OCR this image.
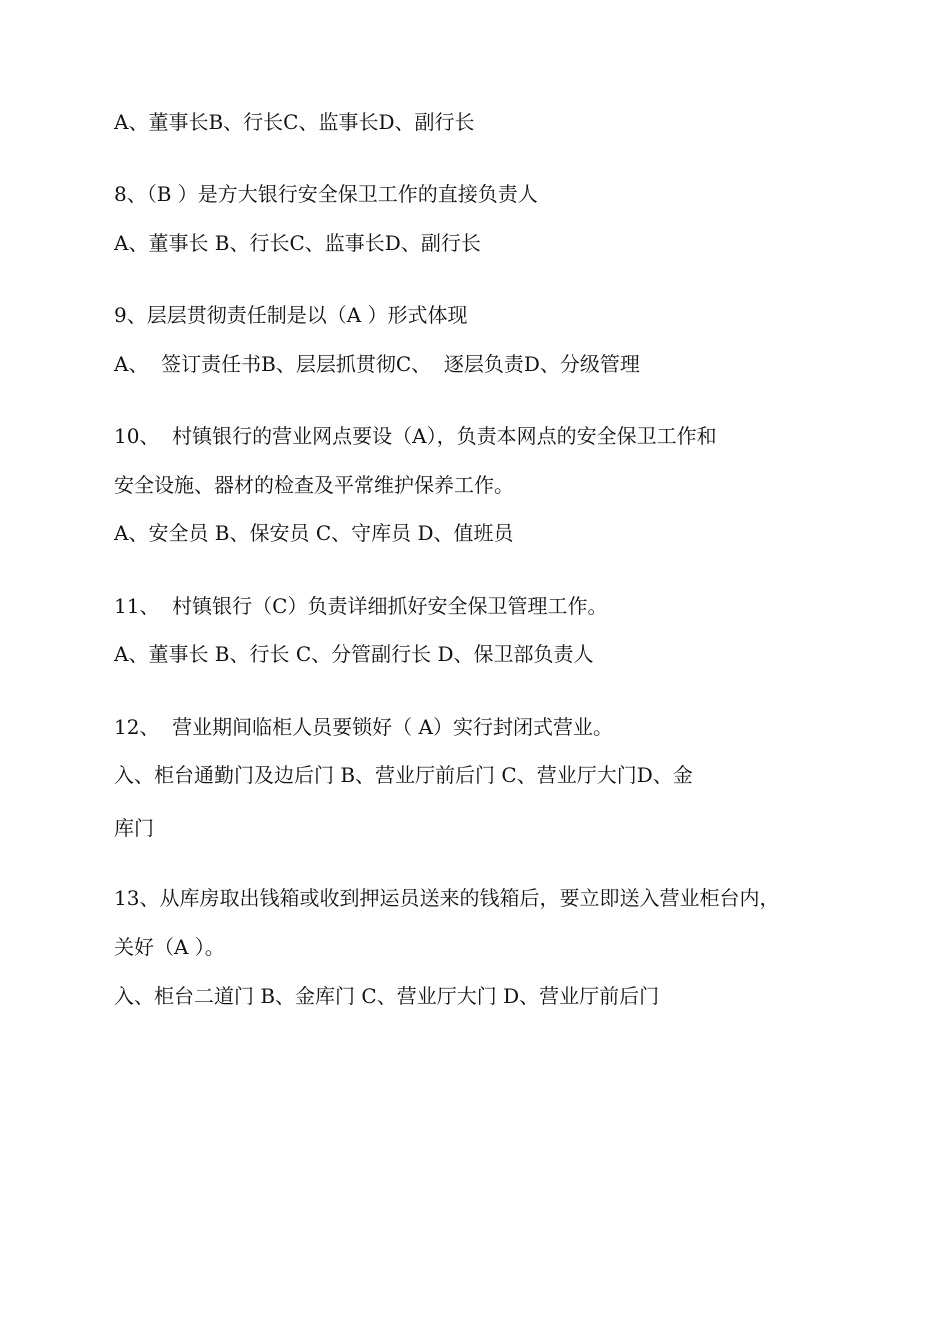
A、董事长B、行长C、监事长D、副行长
8、（B ）是方大银行安全保卫工作的直接负责人
A、董事长 B、行长C、监事长D、副行长
9、层层贯彻责任制是以（A ）形式体现
A、  签订责任书B、层层抓贯彻C、  逐层负责D、分级管理
10、  村镇银行的营业网点要设（A），负责本网点的安全保卫工作和
安全设施、器材的检查及平常维护保养工作。
A、安全员 B、保安员 C、守库员 D、值班员
11、  村镇银行（C）负责详细抓好安全保卫管理工作。
A、董事长 B、行长 C、分管副行长 D、保卫部负责人
12、  营业期间临柜人员要锁好（ A）实行封闭式营业。
入、柜台通勤门及边后门 B、营业厅前后门 C、营业厅大门D、金
库门
13、从库房取出钱箱或收到押运员送来的钱箱后，要立即送入营业柜台内，
关好（A ）。
入、柜台二道门 B、金库门 C、营业厅大门 D、营业厅前后门
